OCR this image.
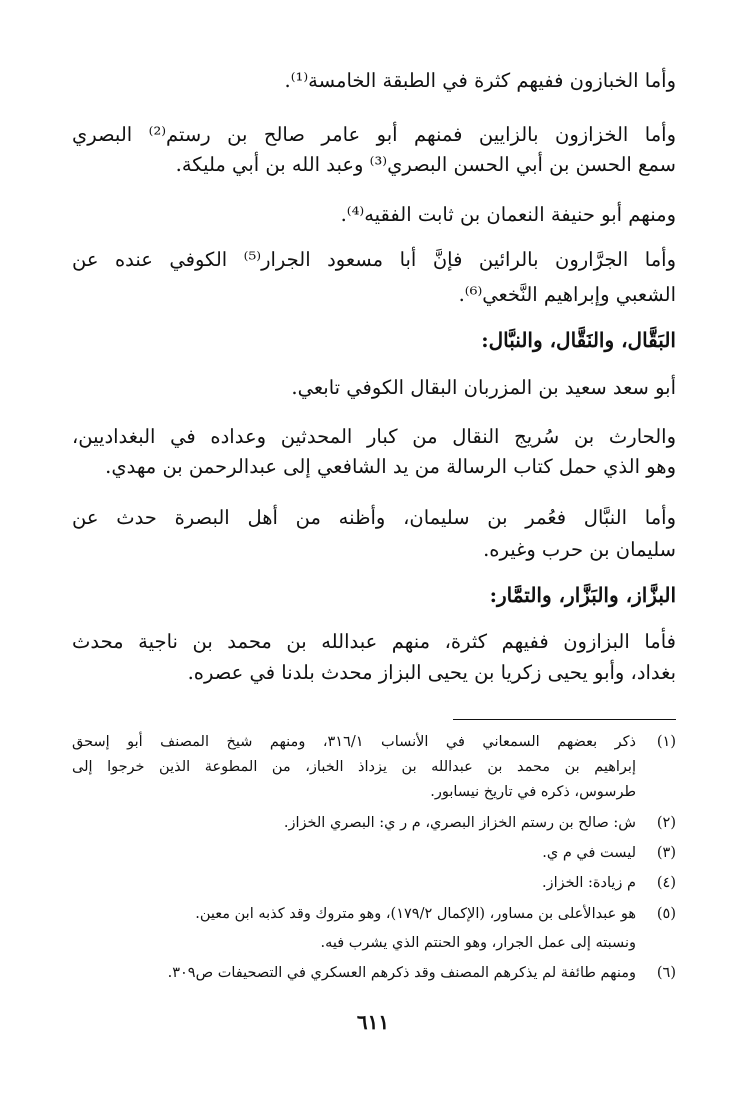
وأما الخبازون ففيهم كثرة في الطبقة الخامسة⁽¹⁾.
وأما الخزازون بالزايين فمنهم أبو عامر صالح بن رستم⁽²⁾ البصري
سمع الحسن بن أبي الحسن البصري⁽³⁾ وعبد الله بن أبي مليكة.
ومنهم أبو حنيفة النعمان بن ثابت الفقيه⁽⁴⁾.
وأما الجرَّارون بالرائين فإنَّ أبا مسعود الجرار⁽⁵⁾ الكوفي عنده عن
الشعبي وإبراهيم النَّخعي⁽⁶⁾.
البَقَّال، والنَقَّال، والنبَّال:
أبو سعد سعيد بن المزربان البقال الكوفي تابعي.
والحارث بن سُريج النقال من كبار المحدثين وعداده في البغداديين،
وهو الذي حمل كتاب الرسالة من يد الشافعي إلى عبدالرحمن بن مهدي.
وأما النبَّال فعُمر بن سليمان، وأظنه من أهل البصرة حدث عن
سليمان بن حرب وغيره.
البزَّاز، والبَزَّار، والتمَّار:
فأما البزازون ففيهم كثرة، منهم عبدالله بن محمد بن ناجية محدث
بغداد، وأبو يحيى زكريا بن يحيى البزاز محدث بلدنا في عصره.
(١)
ذكر بعضهم السمعاني في الأنساب ٣١٦/١، ومنهم شيخ المصنف أبو إسحق
إبراهيم بن محمد بن عبدالله بن يزداذ الخباز، من المطوعة الذين خرجوا إلى
طرسوس، ذكره في تاريخ نيسابور.
(٢)
ش: صالح بن رستم الخزاز البصري، م ر ي: البصري الخزاز.
(٣)
ليست في م ي.
(٤)
م زيادة: الخزاز.
(٥)
هو عبدالأعلى بن مساور، (الإكمال ١٧٩/٢)، وهو متروك وقد كذبه ابن معين.
ونسبته إلى عمل الجرار، وهو الحنتم الذي يشرب فيه.
(٦)
ومنهم طائفة لم يذكرهم المصنف وقد ذكرهم العسكري في التصحيفات ص٣٠٩.
٦١١
